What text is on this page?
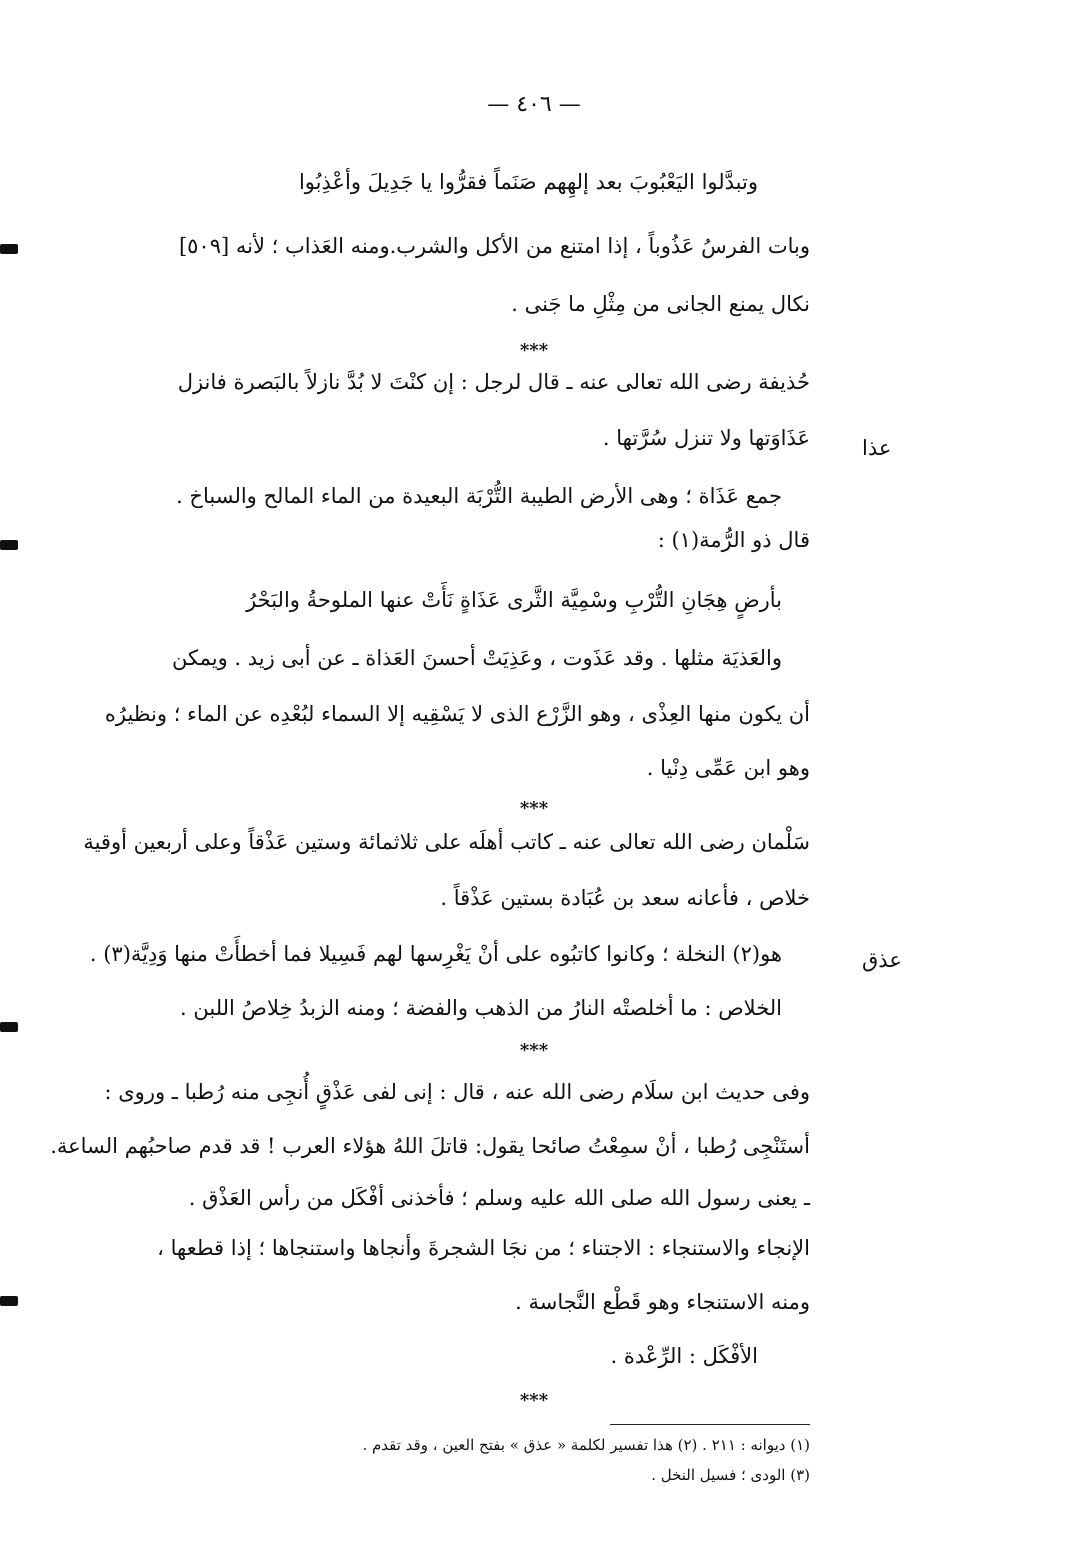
— ٤٠٦ —
عذا
عذق
وتبدَّلوا اليَعْبُوبَ بعد إلهِهم صَنَماً فقرُّوا يا جَدِيلَ وأعْذِبُوا
وبات الفرسُ عَذُوباً ، إذا امتنع من الأكل والشرب.ومنه العَذاب ؛ لأنه [٥٠٩]
نكال يمنع الجانى من مِثْلِ ما جَنى .
حُذيفة رضى الله تعالى عنه ـ قال لرجل : إن كنْتَ لا بُدَّ نازلاً بالبَصرة فانزل
عَذَاوَتها ولا تنزل سُرَّتها .
جمع عَذَاة ؛ وهى الأرض الطيبة التُّرْبَة البعيدة من الماء المالح والسباخ .
قال ذو الرُّمة(١) :
بأرضٍ هِجَانِ التُّرْبِ وسْمِيَّة الثَّرى عَذَاةٍ نَأَتْ عنها الملوحةُ والبَحْرُ
والعَذيَة مثلها . وقد عَذَوت ، وعَذِيَتْ أحسنَ العَذاة ـ عن أبى زيد . ويمكن
أن يكون منها العِذْى ، وهو الزَّرْع الذى لا يَسْقِيه إلا السماء لبُعْدِه عن الماء ؛ ونظيرُه
وهو ابن عَمِّى دِنْيا .
سَلْمان رضى الله تعالى عنه ـ كاتب أهلَه على ثلاثمائة وستين عَذْقاً وعلى أربعين أوقية
خلاص ، فأعانه سعد بن عُبَادة بستين عَذْقاً .
هو(٢) النخلة ؛ وكانوا كاتبُوه على أنْ يَغْرِسها لهم فَسِيلا فما أخطأَتْ منها وَدِيَّة(٣) .
الخلاص : ما أخلصتْه النارُ من الذهب والفضة ؛ ومنه الزبدُ خِلاصُ اللبن .
وفى حديث ابن سلَام رضى الله عنه ، قال : إنى لفى عَذْقٍ أُنجِى منه رُطبا ـ وروى :
أستَنْجِى رُطبا ، أنْ سمِعْتُ صائحا يقول: قاتلَ اللهُ هؤلاء العرب ! قد قدم صاحبُهم الساعة.
ـ يعنى رسول الله صلى الله عليه وسلم ؛ فأخذنى أفْكَل من رأس العَذْق .
الإنجاء والاستنجاء : الاجتناء ؛ من نجَا الشجرةَ وأنجاها واستنجاها ؛ إذا قطعها ،
ومنه الاستنجاء وهو قَطْع النَّجاسة .
الأفْكَل : الرِّعْدة .
***
***
***
***
(١) ديوانه : ٢١١ . (٢) هذا تفسير لكلمة « عذق » بفتح العين ، وقد تقدم .
(٣) الودى ؛ فسيل النخل .
